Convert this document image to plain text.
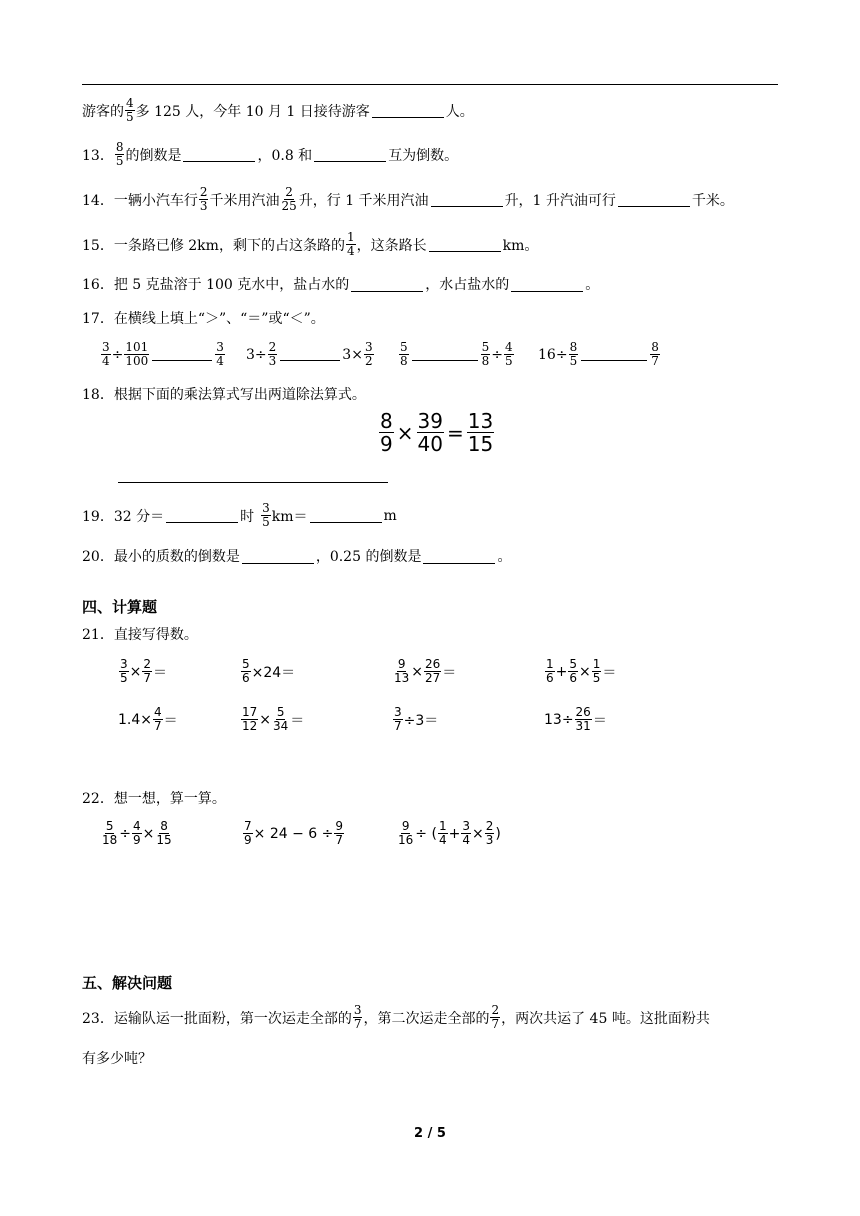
游客的 $\frac{4}{5}$ 多 125 人，今年 10 月 1 日接待游客	人。
13． $\frac{8}{5}$ 的倒数是	，0.8 和	互为倒数。
14． 一辆小汽车行 $\frac{2}{3}$ 千米用汽油 $\frac{2}{25}$ 升，行 1 千米用汽油	升，1 升汽油可行	千米。
15． 一条路已修 2km，剩下的占这条路的 $\frac{1}{4}$ ，这条路长	km。
16． 把 5 克盐溶于 100 克水中，盐占水的	，水占盐水的	。
17． 在横线上填上“＞”、“＝”或“＜”。
$\frac{3}{4} \div \frac{101}{100}$	$\frac{3}{4} 3 \div \frac{2}{3}$	$3\times \frac{3}{2} \frac{5}{8}$	$\frac{5}{8} \div \frac{4}{5} 16 \div \frac{8}{5}$	$\frac{8}{7}$
18． 根据下面的乘法算式写出两道除法算式。
$\frac{8}{9} \times \frac{39}{40} = \frac{13}{15}$
19． 32 分＝	时 $\frac{3}{5} km=$	m
20． 最小的质数的倒数是	，0.25 的倒数是	。
四、计算题
21． 直接写得数。
$\frac{3}{5} \times \frac{2}{7}$ ＝	$\frac{5}{6} \times 24=$	$\frac{9}{13} \times \frac{26}{27}$ ＝	$\frac{1}{6} + \frac{5}{6} \times \frac{1}{5}$ ＝
$1.4\times \frac{4}{7}$ ＝	$\frac{17}{12} \times \frac{5}{34}$ ＝	$\frac{3}{7} \div 3=$	$13\div \frac{26}{31}$ ＝
22． 想一想，算一算。
$\frac{5}{18} \div \frac{4}{9} \times \frac{8}{15}$	$\frac{7}{9} \times 24 - 6 \div \frac{9}{7}$	$\frac{9}{16}$ ÷ ( $\frac{1}{4} + \frac{3}{4} \times \frac{2}{3}$ )
五、解决问题
23． 运输队运一批面粉，第一次运走全部的 $\frac{3}{7}$ ，第二次运走全部的 $\frac{2}{7}$ ，两次共运了 45 吨。这批面粉共
有多少吨？
2 / 5
